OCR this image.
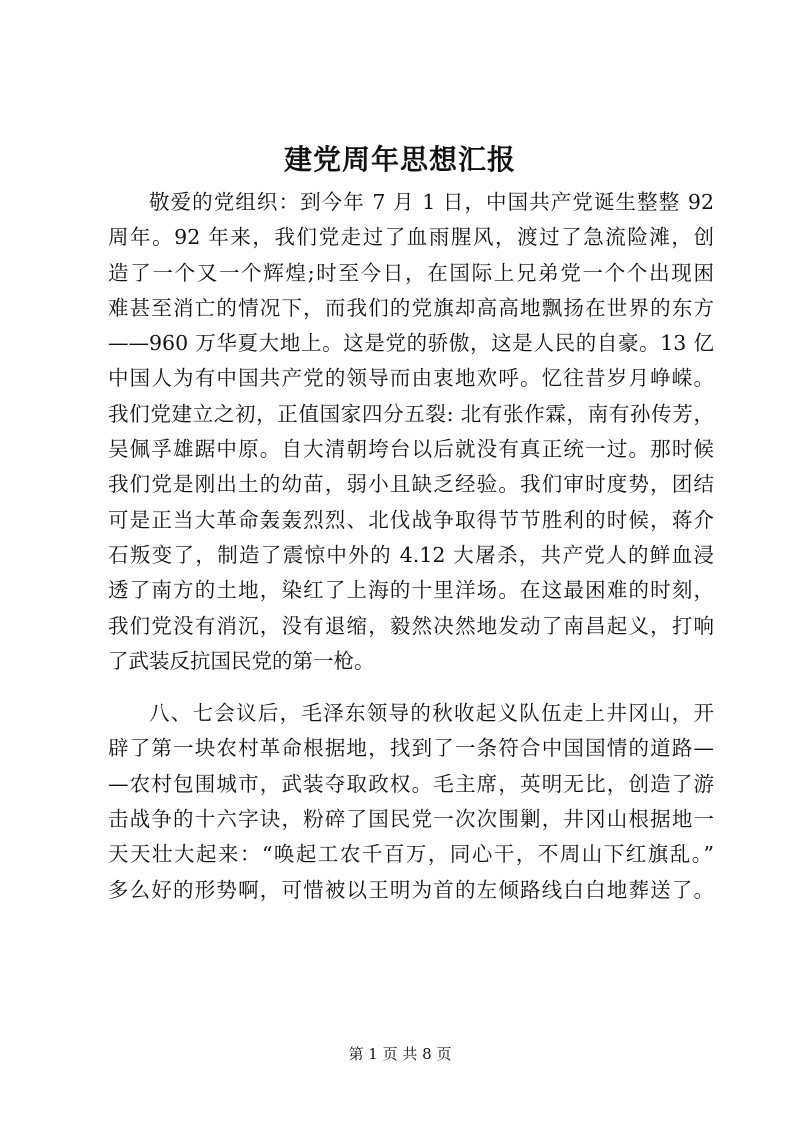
建党周年思想汇报
敬爱的党组织：到今年 7 月 1 日，中国共产党诞生整整 92
周年。92 年来，我们党走过了血雨腥风，渡过了急流险滩，创
造了一个又一个辉煌;时至今日，在国际上兄弟党一个个出现困
难甚至消亡的情况下，而我们的党旗却高高地飘扬在世界的东方
——960 万华夏大地上。这是党的骄傲，这是人民的自豪。13 亿
中国人为有中国共产党的领导而由衷地欢呼。忆往昔岁月峥嵘。
我们党建立之初，正值国家四分五裂: 北有张作霖，南有孙传芳，
吴佩孚雄踞中原。自大清朝垮台以后就没有真正统一过。那时候
我们党是刚出土的幼苗，弱小且缺乏经验。我们审时度势，团结
可是正当大革命轰轰烈烈、北伐战争取得节节胜利的时候，蒋介
石叛变了，制造了震惊中外的 4.12 大屠杀，共产党人的鲜血浸
透了南方的土地，染红了上海的十里洋场。在这最困难的时刻，
我们党没有消沉，没有退缩，毅然决然地发动了南昌起义，打响
了武装反抗国民党的第一枪。
八、七会议后，毛泽东领导的秋收起义队伍走上井冈山，开
辟了第一块农村革命根据地，找到了一条符合中国国情的道路—
—农村包围城市，武装夺取政权。毛主席，英明无比，创造了游
击战争的十六字诀，粉碎了国民党一次次围剿，井冈山根据地一
天天壮大起来：“唤起工农千百万，同心干，不周山下红旗乱。”
多么好的形势啊，可惜被以王明为首的左倾路线白白地葬送了。
第 1 页 共 8 页
